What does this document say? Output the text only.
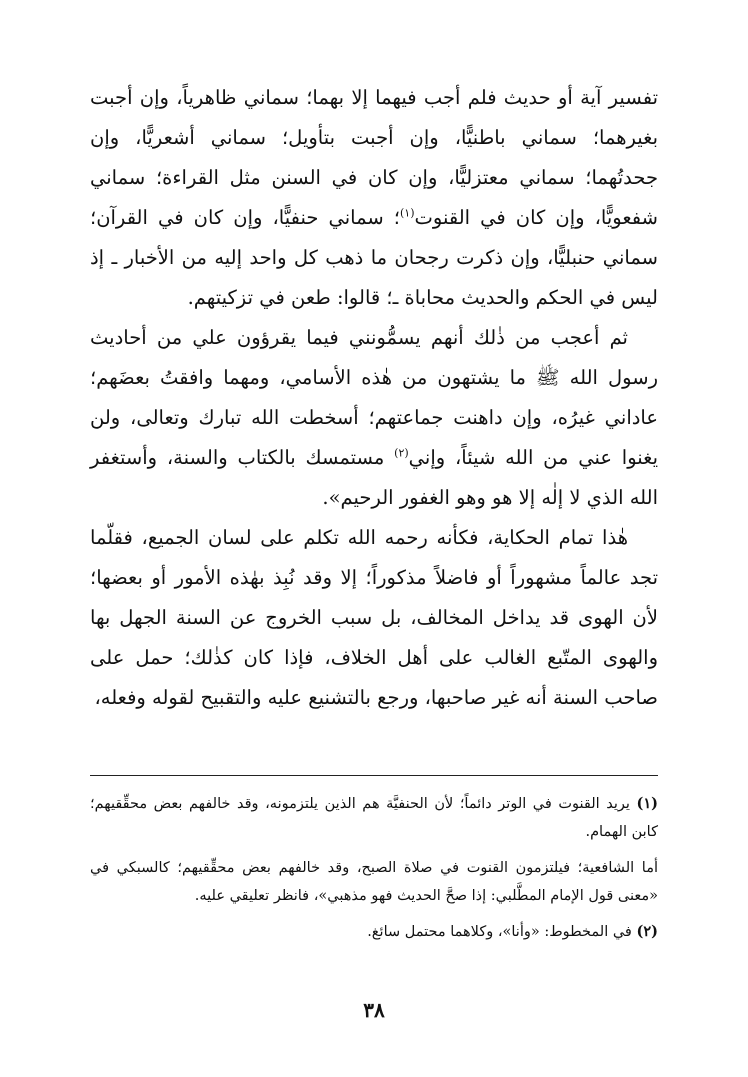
تفسير آية أو حديث فلم أجب فيهما إلا بهما؛ سماني ظاهرياً، وإن أجبت بغيرهما؛ سماني باطنيًّا، وإن أجبت بتأويل؛ سماني أشعريًّا، وإن جحدتُهما؛ سماني معتزليًّا، وإن كان في السنن مثل القراءة؛ سماني شفعويًّا، وإن كان في القنوت$^{(١)}$؛ سماني حنفيًّا، وإن كان في القرآن؛ سماني حنبليًّا، وإن ذكرت رجحان ما ذهب كل واحد إليه من الأخبار ـ إذ ليس في الحكم والحديث محاباة ـ؛ قالوا: طعن في تزكيتهم.

ثم أعجب من ذٰلك أنهم يسمُّونني فيما يقرؤون علي من أحاديث رسول الله ﷺ ما يشتهون من هٰذه الأسامي، ومهما وافقتُ بعضَهم؛ عاداني غيرُه، وإن داهنت جماعتهم؛ أسخطت الله تبارك وتعالى، ولن يغنوا عني من الله شيئاً، وإني$^{(٢)}$ مستمسك بالكتاب والسنة، وأستغفر الله الذي لا إلٰه إلا هو وهو الغفور الرحيم».

هٰذا تمام الحكاية، فكأنه رحمه الله تكلم على لسان الجميع، فقلّما تجد عالماً مشهوراً أو فاضلاً مذكوراً؛ إلا وقد نُبِذ بهٰذه الأمور أو بعضها؛ لأن الهوى قد يداخل المخالف، بل سبب الخروج عن السنة الجهل بها والهوى المتّبع الغالب على أهل الخلاف، فإذا كان كذٰلك؛ حمل على صاحب السنة أنه غير صاحبها، ورجع بالتشنيع عليه والتقبيح لقوله وفعله،

(١) يريد القنوت في الوتر دائماً؛ لأن الحنفيَّة هم الذين يلتزمونه، وقد خالفهم بعض محقِّقيهم؛ كابن الهمام.

أما الشافعية؛ فيلتزمون القنوت في صلاة الصبح، وقد خالفهم بعض محقِّقيهم؛ كالسبكي في «معنى قول الإمام المطَّلبي: إذا صحَّ الحديث فهو مذهبي»، فانظر تعليقي عليه.

(٢) في المخطوط: «وأنا»، وكلاهما محتمل سائغ.

٣٨
